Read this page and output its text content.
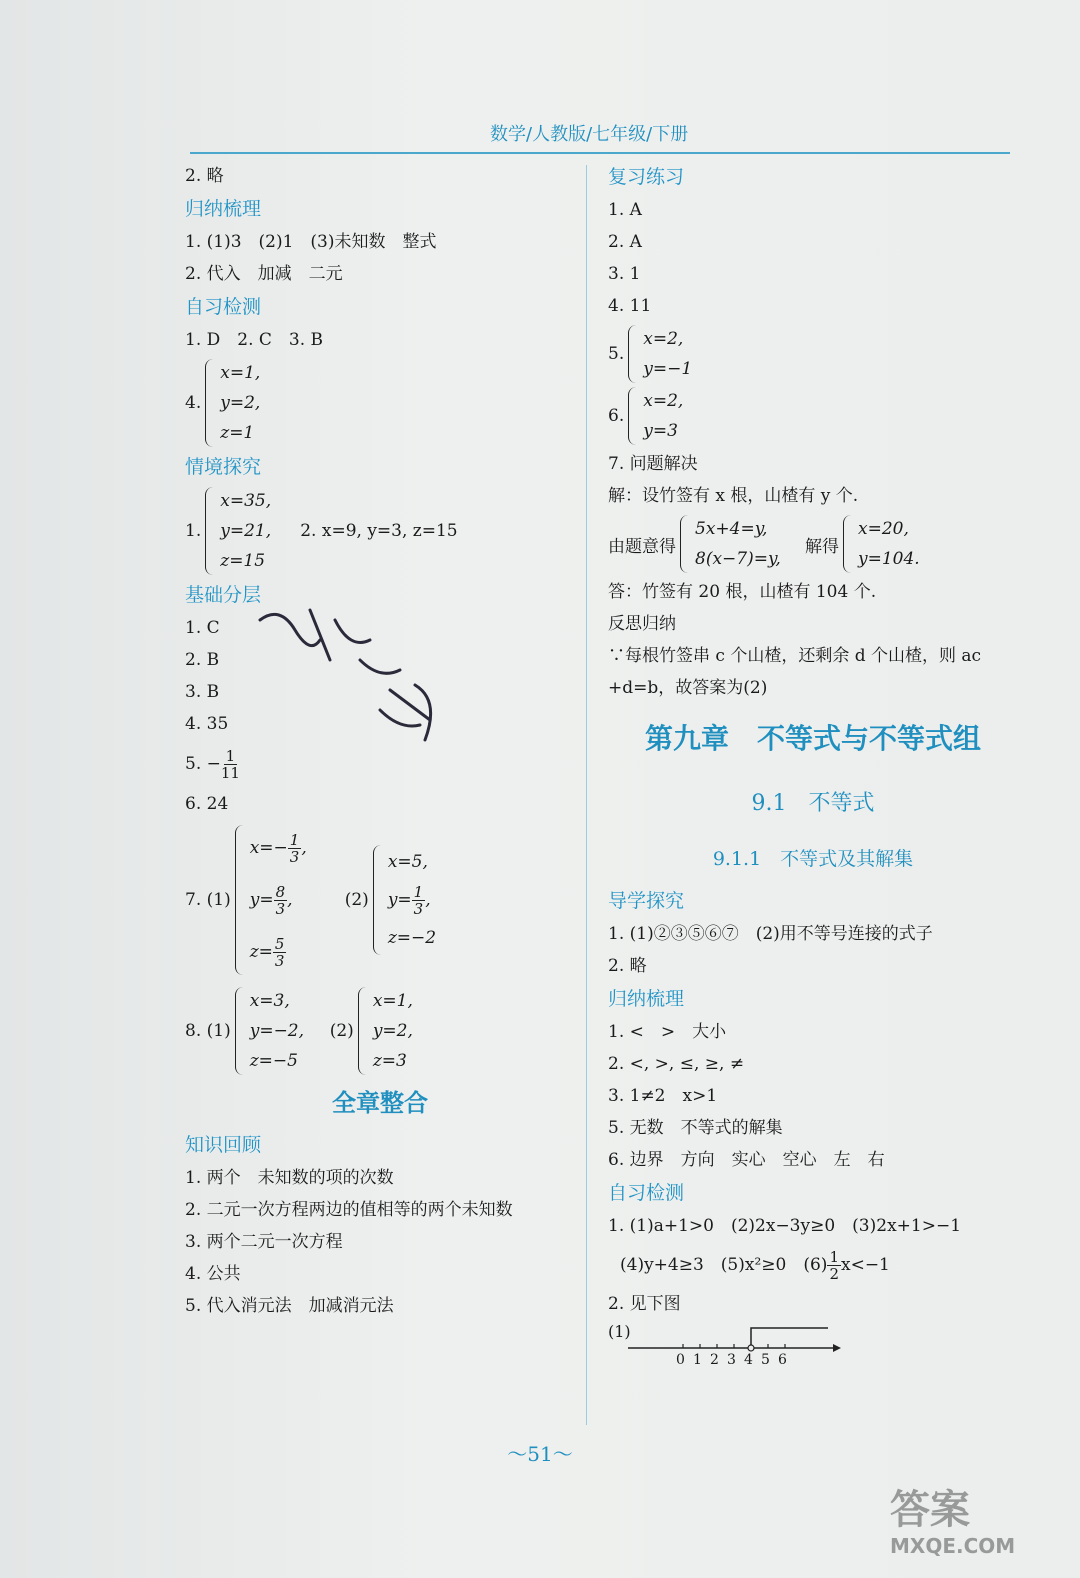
数学/人教版/七年级/下册
2. 略
归纳梳理
1. (1)3　(2)1　(3)未知数　整式
2. 代入　加减　二元
自习检测
1. D　2. C　3. B
4.
x=1,
y=2,
z=1
情境探究
1.
x=35,
y=21,
z=15
2. x=9, y=3, z=15
基础分层
1. C
2. B
3. B
4. 35
5. − $\frac{1}{11}$
6. 24
7. (1)
$x=- \frac{1}{3}$ ,
$y= \frac{8}{3}$ ,
$z= \frac{5}{3}$
(2)
x=5,
$y= \frac{1}{3}$ ,
z=−2
8. (1)
x=3,
y=−2,
z=−5
(2)
x=1,
y=2,
z=3
全章整合
知识回顾
1. 两个　未知数的项的次数
2. 二元一次方程两边的值相等的两个未知数
3. 两个二元一次方程
4. 公共
5. 代入消元法　加减消元法
复习练习
1. A
2. A
3. 1
4. 11
5.
x=2,
y=−1
6.
x=2,
y=3
7. 问题解决
解：设竹签有 x 根，山楂有 y 个.
由题意得
5x+4=y,
8(x−7)=y,
解得
x=20,
y=104.
答：竹签有 20 根，山楂有 104 个.
反思归纳
∵每根竹签串 c 个山楂，还剩余 d 个山楂，则 ac
+d=b，故答案为(2)
第九章　不等式与不等式组
9.1　不等式
9.1.1　不等式及其解集
导学探究
1. (1)②③⑤⑥⑦　(2)用不等号连接的式子
2. 略
归纳梳理
1. <　>　大小
2. <, >, ≤, ≥, ≠
3. 1≠2　x>1
5. 无数　不等式的解集
6. 边界　方向　实心　空心　左　右
自习检测
1. (1)a+1>0　(2)2x−3y≥0　(3)2x+1>−1
(4)y+4≥3　(5)x²≥0　$(6) \frac{1}{2} x<-1$
2. 见下图
(1)
0 1 2 3 4 5 6
～51～
答案
MXQE.COM
